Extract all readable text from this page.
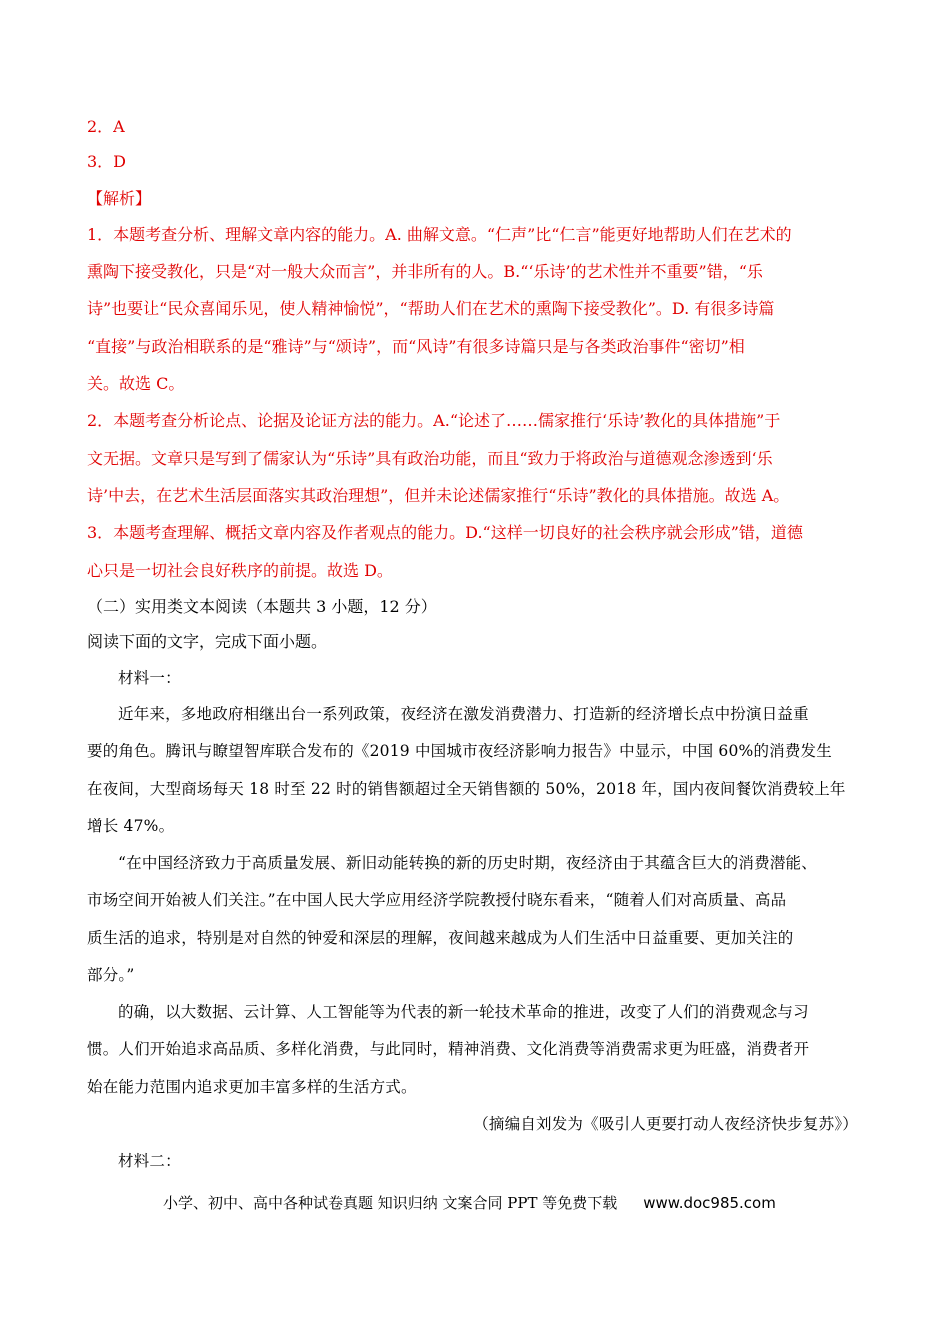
2．A
3．D
【解析】
1．本题考查分析、理解文章内容的能力。A. 曲解文意。“仁声”比“仁言”能更好地帮助人们在艺术的
熏陶下接受教化，只是“对一般大众而言”，并非所有的人。B.“‘乐诗’的艺术性并不重要”错，“乐
诗”也要让“民众喜闻乐见，使人精神愉悦”，“帮助人们在艺术的熏陶下接受教化”。D. 有很多诗篇
“直接”与政治相联系的是“雅诗”与“颂诗”，而“风诗”有很多诗篇只是与各类政治事件“密切”相
关。故选 C。
2．本题考查分析论点、论据及论证方法的能力。A.“论述了……儒家推行‘乐诗’教化的具体措施”于
文无据。文章只是写到了儒家认为“乐诗”具有政治功能，而且“致力于将政治与道德观念渗透到‘乐
诗’中去，在艺术生活层面落实其政治理想”，但并未论述儒家推行“乐诗”教化的具体措施。故选 A。
3．本题考查理解、概括文章内容及作者观点的能力。D.“这样一切良好的社会秩序就会形成”错，道德
心只是一切社会良好秩序的前提。故选 D。
（二）实用类文本阅读（本题共 3 小题，12 分）
阅读下面的文字，完成下面小题。
材料一：
近年来，多地政府相继出台一系列政策，夜经济在激发消费潜力、打造新的经济增长点中扮演日益重
要的角色。腾讯与瞭望智库联合发布的《2019 中国城市夜经济影响力报告》中显示，中国 60%的消费发生
在夜间，大型商场每天 18 时至 22 时的销售额超过全天销售额的 50%，2018 年，国内夜间餐饮消费较上年
增长 47%。
“在中国经济致力于高质量发展、新旧动能转换的新的历史时期，夜经济由于其蕴含巨大的消费潜能、
市场空间开始被人们关注。”在中国人民大学应用经济学院教授付晓东看来，“随着人们对高质量、高品
质生活的追求，特别是对自然的钟爱和深层的理解，夜间越来越成为人们生活中日益重要、更加关注的
部分。”
的确，以大数据、云计算、人工智能等为代表的新一轮技术革命的推进，改变了人们的消费观念与习
惯。人们开始追求高品质、多样化消费，与此同时，精神消费、文化消费等消费需求更为旺盛，消费者开
始在能力范围内追求更加丰富多样的生活方式。
（摘编自刘发为《吸引人更要打动人夜经济快步复苏》）
材料二：
小学、初中、高中各种试卷真题 知识归纳 文案合同 PPT 等免费下载 www.doc985.com
